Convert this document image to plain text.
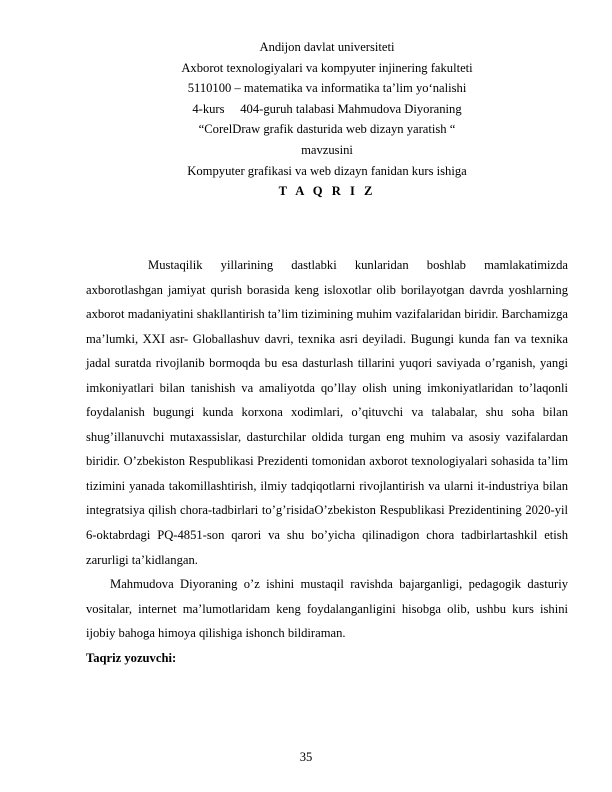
Andijon davlat universiteti
Axborot texnologiyalari va kompyuter injinering fakulteti
5110100 – matematika va informatika ta’lim yo‘nalishi
4-kurs     404-guruh talabasi Mahmudova Diyoraning
“CorelDraw grafik dasturida web dizayn yaratish “
mavzusini
Kompyuter grafikasi va web dizayn fanidan kurs ishiga
T A Q R I Z

Mustaqilik yillarining dastlabki kunlaridan boshlab mamlakatimizda axborotlashgan jamiyat qurish borasida keng isloxotlar olib borilayotgan davrda yoshlarning axborot madaniyatini shakllantirish ta’lim tizimining muhim vazifalaridan biridir. Barchamizga ma’lumki, XXI asr- Globallashuv davri, texnika asri deyiladi. Bugungi kunda fan va texnika jadal suratda rivojlanib bormoqda bu esa dasturlash tillarini yuqori saviyada o’rganish, yangi imkoniyatlari bilan tanishish va amaliyotda qo’llay olish uning imkoniyatlaridan to’laqonli foydalanish bugungi kunda korxona xodimlari, o’qituvchi va talabalar, shu soha bilan shug’illanuvchi mutaxassislar, dasturchilar oldida turgan eng muhim va asosiy vazifalardan biridir. O’zbekiston Respublikasi Prezidenti tomonidan axborot texnologiyalari sohasida ta’lim tizimini yanada takomillashtirish, ilmiy tadqiqotlarni rivojlantirish va ularni it-industriya bilan integratsiya qilish chora-tadbirlari to’g’risidaO’zbekiston Respublikasi Prezidentining 2020-yil 6-oktabrdagi PQ-4851-son qarori va shu bo’yicha qilinadigon chora tadbirlartashkil etish zarurligi ta’kidlangan.

Mahmudova Diyoraning o’z ishini mustaqil ravishda bajarganligi, pedagogik dasturiy vositalar, internet ma’lumotlaridam keng foydalanganligini hisobga olib, ushbu kurs ishini ijobiy bahoga himoya qilishiga ishonch bildiraman.

Taqriz yozuvchi:

35
